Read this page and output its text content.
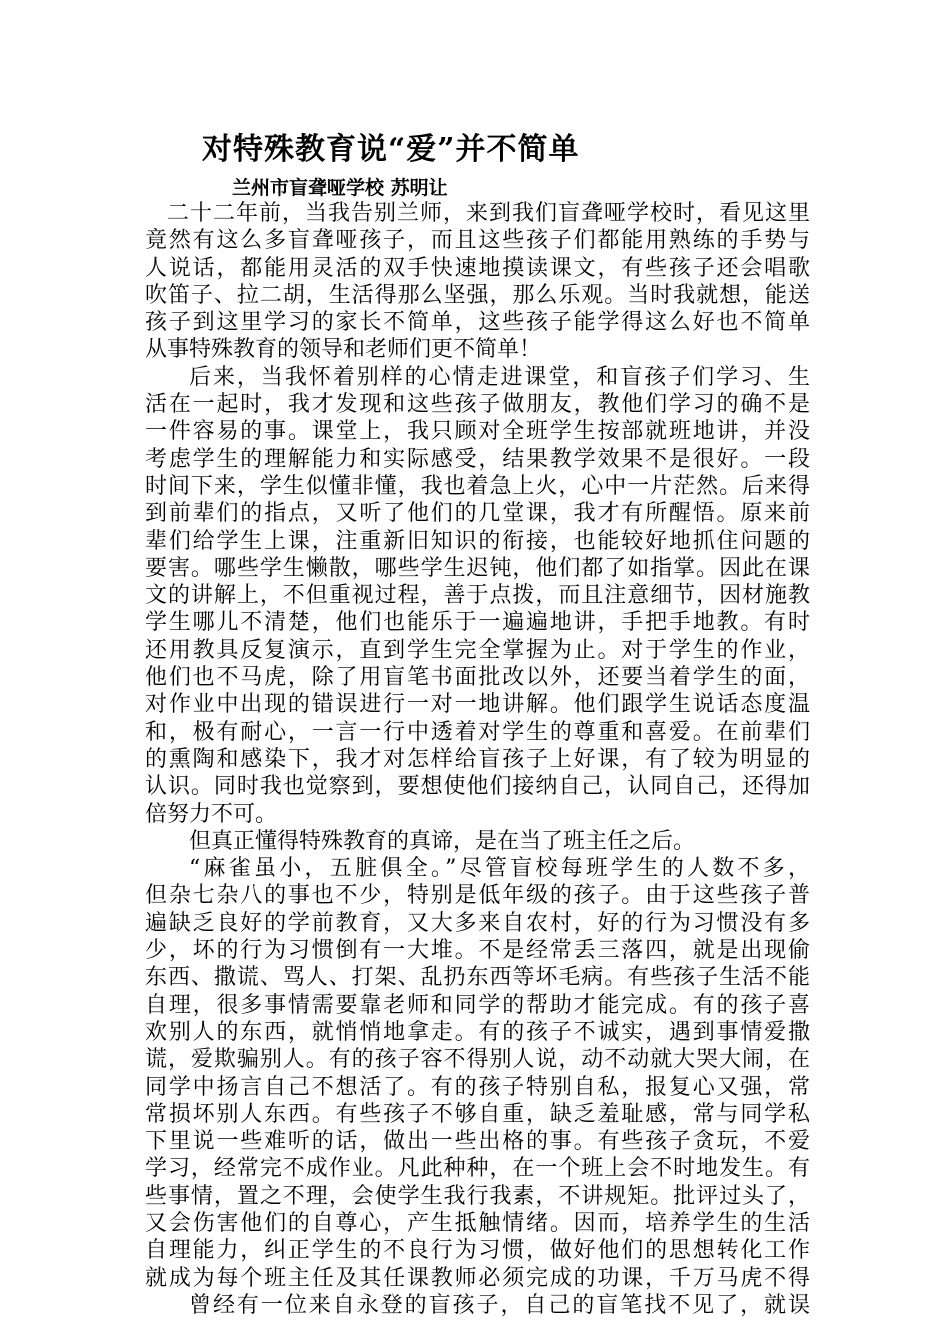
对特殊教育说“爱”并不简单
兰州市盲聋哑学校 苏明让
二十二年前，当我告别兰师，来到我们盲聋哑学校时，看见这里
竟然有这么多盲聋哑孩子，而且这些孩子们都能用熟练的手势与
人说话，都能用灵活的双手快速地摸读课文，有些孩子还会唱歌
吹笛子、拉二胡，生活得那么坚强，那么乐观。当时我就想，能送
孩子到这里学习的家长不简单，这些孩子能学得这么好也不简单
从事特殊教育的领导和老师们更不简单！
后来，当我怀着别样的心情走进课堂，和盲孩子们学习、生
活在一起时，我才发现和这些孩子做朋友，教他们学习的确不是
一件容易的事。课堂上，我只顾对全班学生按部就班地讲，并没
考虑学生的理解能力和实际感受，结果教学效果不是很好。一段
时间下来，学生似懂非懂，我也着急上火，心中一片茫然。后来得
到前辈们的指点，又听了他们的几堂课，我才有所醒悟。原来前
辈们给学生上课，注重新旧知识的衔接，也能较好地抓住问题的
要害。哪些学生懒散，哪些学生迟钝，他们都了如指掌。因此在课
文的讲解上，不但重视过程，善于点拨，而且注意细节，因材施教
学生哪儿不清楚，他们也能乐于一遍遍地讲，手把手地教。有时
还用教具反复演示，直到学生完全掌握为止。对于学生的作业，
他们也不马虎，除了用盲笔书面批改以外，还要当着学生的面，
对作业中出现的错误进行一对一地讲解。他们跟学生说话态度温
和，极有耐心，一言一行中透着对学生的尊重和喜爱。在前辈们
的熏陶和感染下，我才对怎样给盲孩子上好课，有了较为明显的
认识。同时我也觉察到，要想使他们接纳自己，认同自己，还得加
倍努力不可。
但真正懂得特殊教育的真谛，是在当了班主任之后。
“麻雀虽小，五脏俱全。”尽管盲校每班学生的人数不多，
但杂七杂八的事也不少，特别是低年级的孩子。由于这些孩子普
遍缺乏良好的学前教育，又大多来自农村，好的行为习惯没有多
少，坏的行为习惯倒有一大堆。不是经常丢三落四，就是出现偷
东西、撒谎、骂人、打架、乱扔东西等坏毛病。有些孩子生活不能
自理，很多事情需要靠老师和同学的帮助才能完成。有的孩子喜
欢别人的东西，就悄悄地拿走。有的孩子不诚实，遇到事情爱撒
谎，爱欺骗别人。有的孩子容不得别人说，动不动就大哭大闹，在
同学中扬言自己不想活了。有的孩子特别自私，报复心又强，常
常损坏别人东西。有些孩子不够自重，缺乏羞耻感，常与同学私
下里说一些难听的话，做出一些出格的事。有些孩子贪玩，不爱
学习，经常完不成作业。凡此种种，在一个班上会不时地发生。有
些事情，置之不理，会使学生我行我素，不讲规矩。批评过头了，
又会伤害他们的自尊心，产生抵触情绪。因而，培养学生的生活
自理能力，纠正学生的不良行为习惯，做好他们的思想转化工作
就成为每个班主任及其任课教师必须完成的功课，千万马虎不得
曾经有一位来自永登的盲孩子，自己的盲笔找不见了，就误
